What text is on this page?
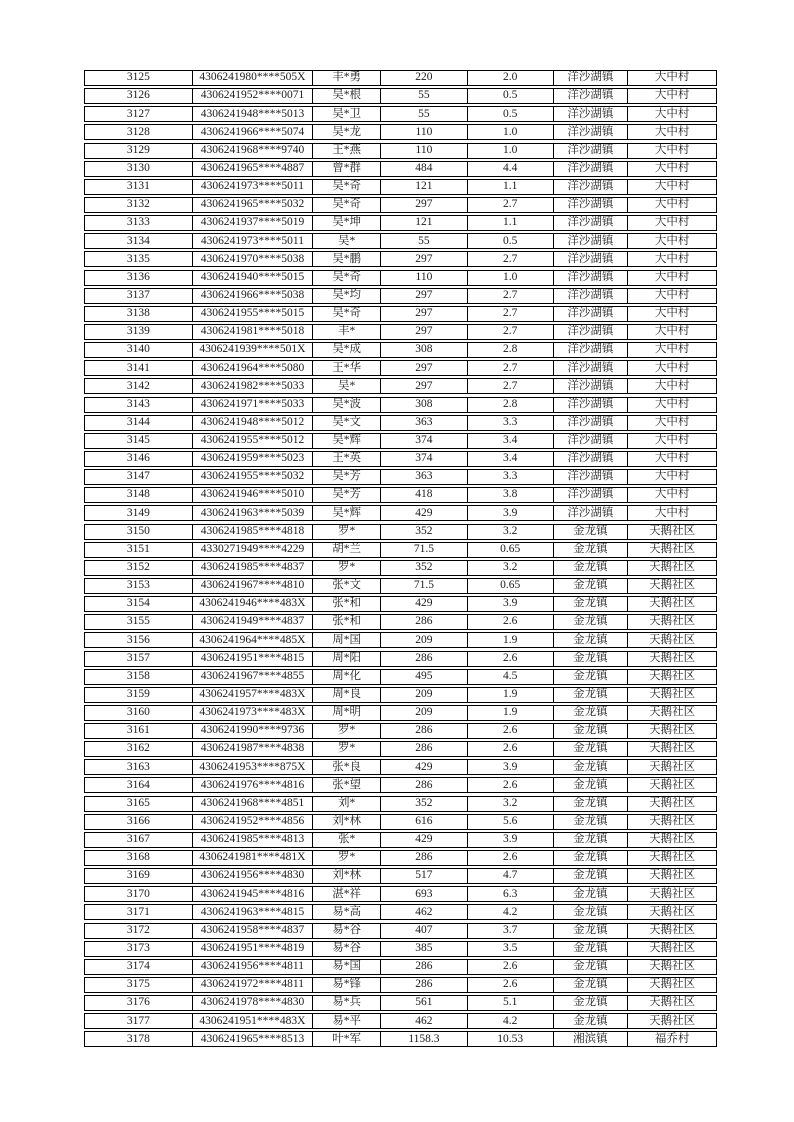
3125	4306241980****505X	丰*勇	220	2.0	洋沙湖镇	大中村
3126	4306241952****0071	吴*根	55	0.5	洋沙湖镇	大中村
3127	4306241948****5013	吴*卫	55	0.5	洋沙湖镇	大中村
3128	4306241966****5074	吴*龙	110	1.0	洋沙湖镇	大中村
3129	4306241968****9740	王*燕	110	1.0	洋沙湖镇	大中村
3130	4306241965****4887	曾*群	484	4.4	洋沙湖镇	大中村
3131	4306241973****5011	吴*奇	121	1.1	洋沙湖镇	大中村
3132	4306241965****5032	吴*奇	297	2.7	洋沙湖镇	大中村
3133	4306241937****5019	吴*坤	121	1.1	洋沙湖镇	大中村
3134	4306241973****5011	吴*	55	0.5	洋沙湖镇	大中村
3135	4306241970****5038	吴*鹏	297	2.7	洋沙湖镇	大中村
3136	4306241940****5015	吴*奇	110	1.0	洋沙湖镇	大中村
3137	4306241966****5038	吴*均	297	2.7	洋沙湖镇	大中村
3138	4306241955****5015	吴*奇	297	2.7	洋沙湖镇	大中村
3139	4306241981****5018	丰*	297	2.7	洋沙湖镇	大中村
3140	4306241939****501X	吴*成	308	2.8	洋沙湖镇	大中村
3141	4306241964****5080	王*华	297	2.7	洋沙湖镇	大中村
3142	4306241982****5033	吴*	297	2.7	洋沙湖镇	大中村
3143	4306241971****5033	吴*波	308	2.8	洋沙湖镇	大中村
3144	4306241948****5012	吴*文	363	3.3	洋沙湖镇	大中村
3145	4306241955****5012	吴*辉	374	3.4	洋沙湖镇	大中村
3146	4306241959****5023	王*英	374	3.4	洋沙湖镇	大中村
3147	4306241955****5032	吴*芳	363	3.3	洋沙湖镇	大中村
3148	4306241946****5010	吴*芳	418	3.8	洋沙湖镇	大中村
3149	4306241963****5039	吴*辉	429	3.9	洋沙湖镇	大中村
3150	4306241985****4818	罗*	352	3.2	金龙镇	天鹅社区
3151	4330271949****4229	胡*兰	71.5	0.65	金龙镇	天鹅社区
3152	4306241985****4837	罗*	352	3.2	金龙镇	天鹅社区
3153	4306241967****4810	张*文	71.5	0.65	金龙镇	天鹅社区
3154	4306241946****483X	张*和	429	3.9	金龙镇	天鹅社区
3155	4306241949****4837	张*和	286	2.6	金龙镇	天鹅社区
3156	4306241964****485X	周*国	209	1.9	金龙镇	天鹅社区
3157	4306241951****4815	周*阳	286	2.6	金龙镇	天鹅社区
3158	4306241967****4855	周*化	495	4.5	金龙镇	天鹅社区
3159	4306241957****483X	周*良	209	1.9	金龙镇	天鹅社区
3160	4306241973****483X	周*明	209	1.9	金龙镇	天鹅社区
3161	4306241990****9736	罗*	286	2.6	金龙镇	天鹅社区
3162	4306241987****4838	罗*	286	2.6	金龙镇	天鹅社区
3163	4306241953****875X	张*良	429	3.9	金龙镇	天鹅社区
3164	4306241976****4816	张*望	286	2.6	金龙镇	天鹅社区
3165	4306241968****4851	刘*	352	3.2	金龙镇	天鹅社区
3166	4306241952****4856	刘*林	616	5.6	金龙镇	天鹅社区
3167	4306241985****4813	张*	429	3.9	金龙镇	天鹅社区
3168	4306241981****481X	罗*	286	2.6	金龙镇	天鹅社区
3169	4306241956****4830	刘*林	517	4.7	金龙镇	天鹅社区
3170	4306241945****4816	湛*祥	693	6.3	金龙镇	天鹅社区
3171	4306241963****4815	易*高	462	4.2	金龙镇	天鹅社区
3172	4306241958****4837	易*谷	407	3.7	金龙镇	天鹅社区
3173	4306241951****4819	易*谷	385	3.5	金龙镇	天鹅社区
3174	4306241956****4811	易*国	286	2.6	金龙镇	天鹅社区
3175	4306241972****4811	易*锋	286	2.6	金龙镇	天鹅社区
3176	4306241978****4830	易*兵	561	5.1	金龙镇	天鹅社区
3177	4306241951****483X	易*平	462	4.2	金龙镇	天鹅社区
3178	4306241965****8513	叶*军	1158.3	10.53	湘滨镇	福乔村
